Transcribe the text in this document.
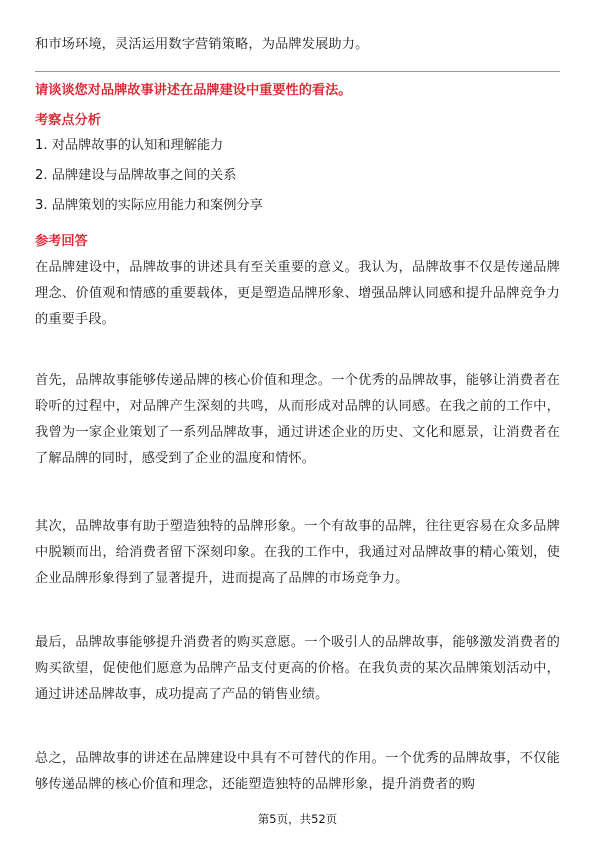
和市场环境，灵活运用数字营销策略，为品牌发展助力。
请谈谈您对品牌故事讲述在品牌建设中重要性的看法。
考察点分析
1. 对品牌故事的认知和理解能力
2. 品牌建设与品牌故事之间的关系
3. 品牌策划的实际应用能力和案例分享
参考回答
在品牌建设中，品牌故事的讲述具有至关重要的意义。我认为，品牌故事不仅是传递品牌理念、价值观和情感的重要载体，更是塑造品牌形象、增强品牌认同感和提升品牌竞争力的重要手段。
首先，品牌故事能够传递品牌的核心价值和理念。一个优秀的品牌故事，能够让消费者在聆听的过程中，对品牌产生深刻的共鸣，从而形成对品牌的认同感。在我之前的工作中，我曾为一家企业策划了一系列品牌故事，通过讲述企业的历史、文化和愿景，让消费者在了解品牌的同时，感受到了企业的温度和情怀。
其次，品牌故事有助于塑造独特的品牌形象。一个有故事的品牌，往往更容易在众多品牌中脱颖而出，给消费者留下深刻印象。在我的工作中，我通过对品牌故事的精心策划，使企业品牌形象得到了显著提升，进而提高了品牌的市场竞争力。
最后，品牌故事能够提升消费者的购买意愿。一个吸引人的品牌故事，能够激发消费者的购买欲望，促使他们愿意为品牌产品支付更高的价格。在我负责的某次品牌策划活动中，通过讲述品牌故事，成功提高了产品的销售业绩。
总之，品牌故事的讲述在品牌建设中具有不可替代的作用。一个优秀的品牌故事，不仅能够传递品牌的核心价值和理念，还能塑造独特的品牌形象，提升消费者的购
第5页，共52页
